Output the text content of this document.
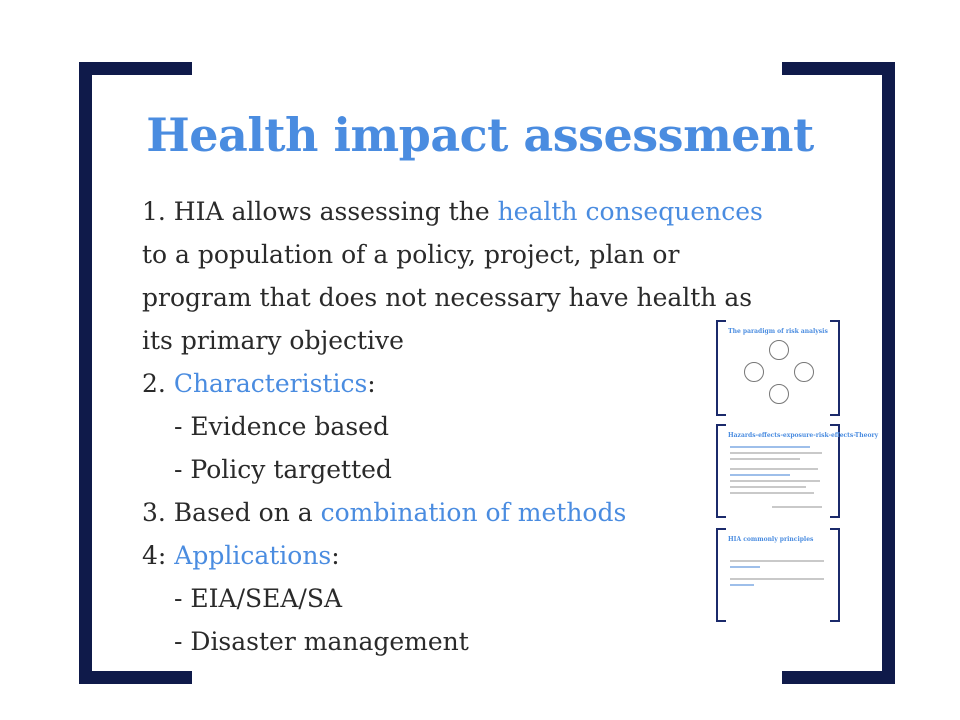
Health impact assessment
1. HIA allows assessing the health consequences
to a population of a policy, project, plan or
program that does not necessary have health as
its primary objective
2. Characteristics:
- Evidence based
- Policy targetted
3. Based on a combination of methods
4: Applications:
- EIA/SEA/SA
- Disaster management
The paradigm of risk analysis
Hazards-effects-exposure-risk-effects-Theory
HIA commonly principles
